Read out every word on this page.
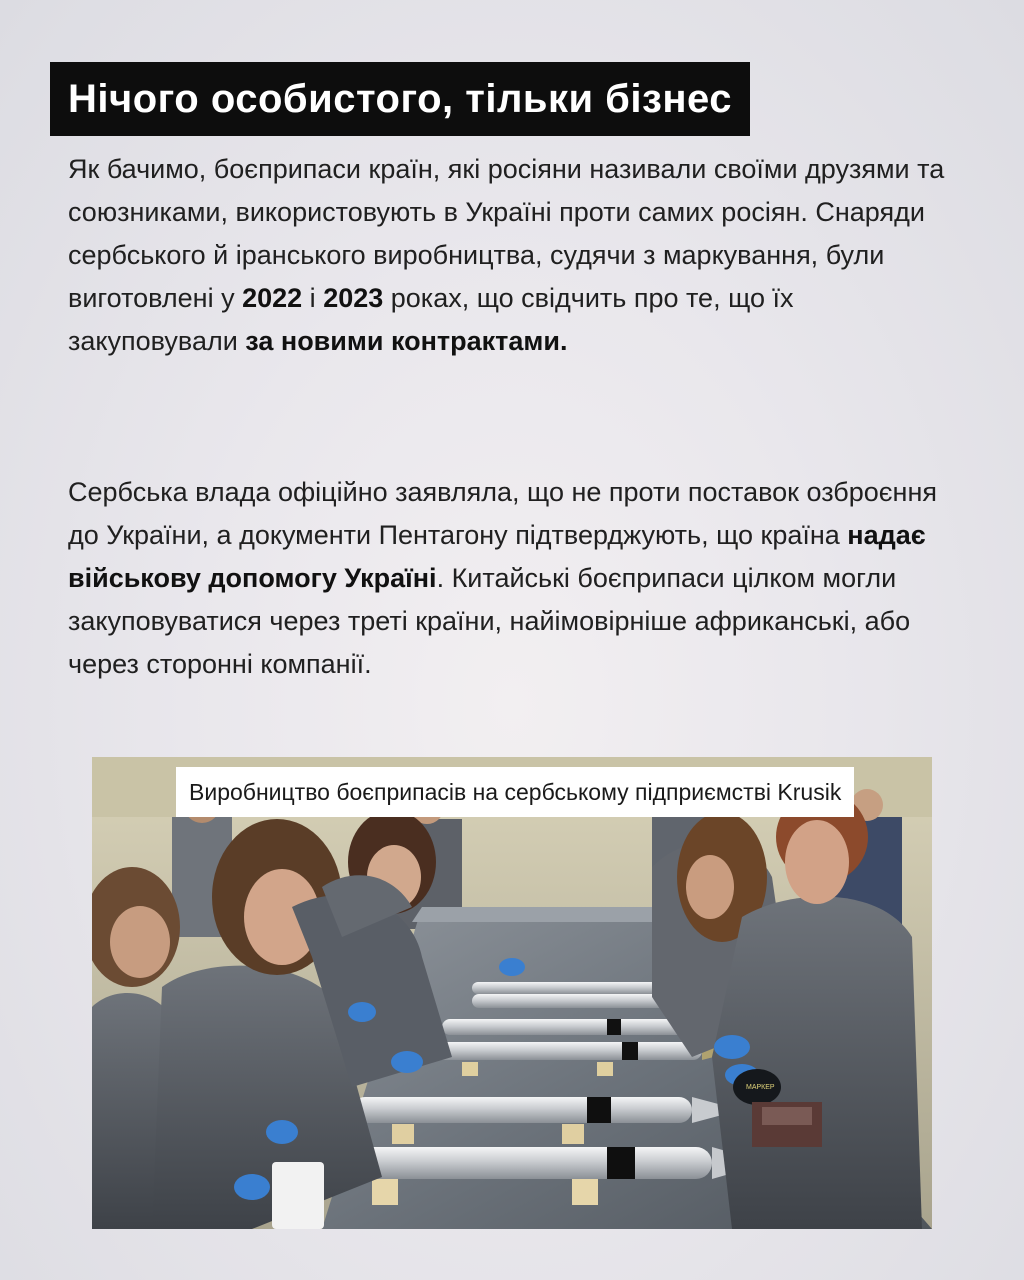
Нічого особистого, тільки бізнес

Як бачимо, боєприпаси країн, які росіяни називали своїми друзями та союзниками, використовують в Україні проти самих росіян. Снаряди сербського й іранського виробництва, судячи з маркування, були виготовлені у 2022 і 2023 роках, що свідчить про те, що їх закуповували за новими контрактами.

Сербська влада офіційно заявляла, що не проти поставок озброєння до України, а документи Пентагону підтверджують, що країна надає військову допомогу Україні. Китайські боєприпаси цілком могли закуповуватися через треті країни, найімовірніше африканські, або через сторонні компанії.

МАРКЕР
Виробництво боєприпасів на сербському підприємстві Krusik
